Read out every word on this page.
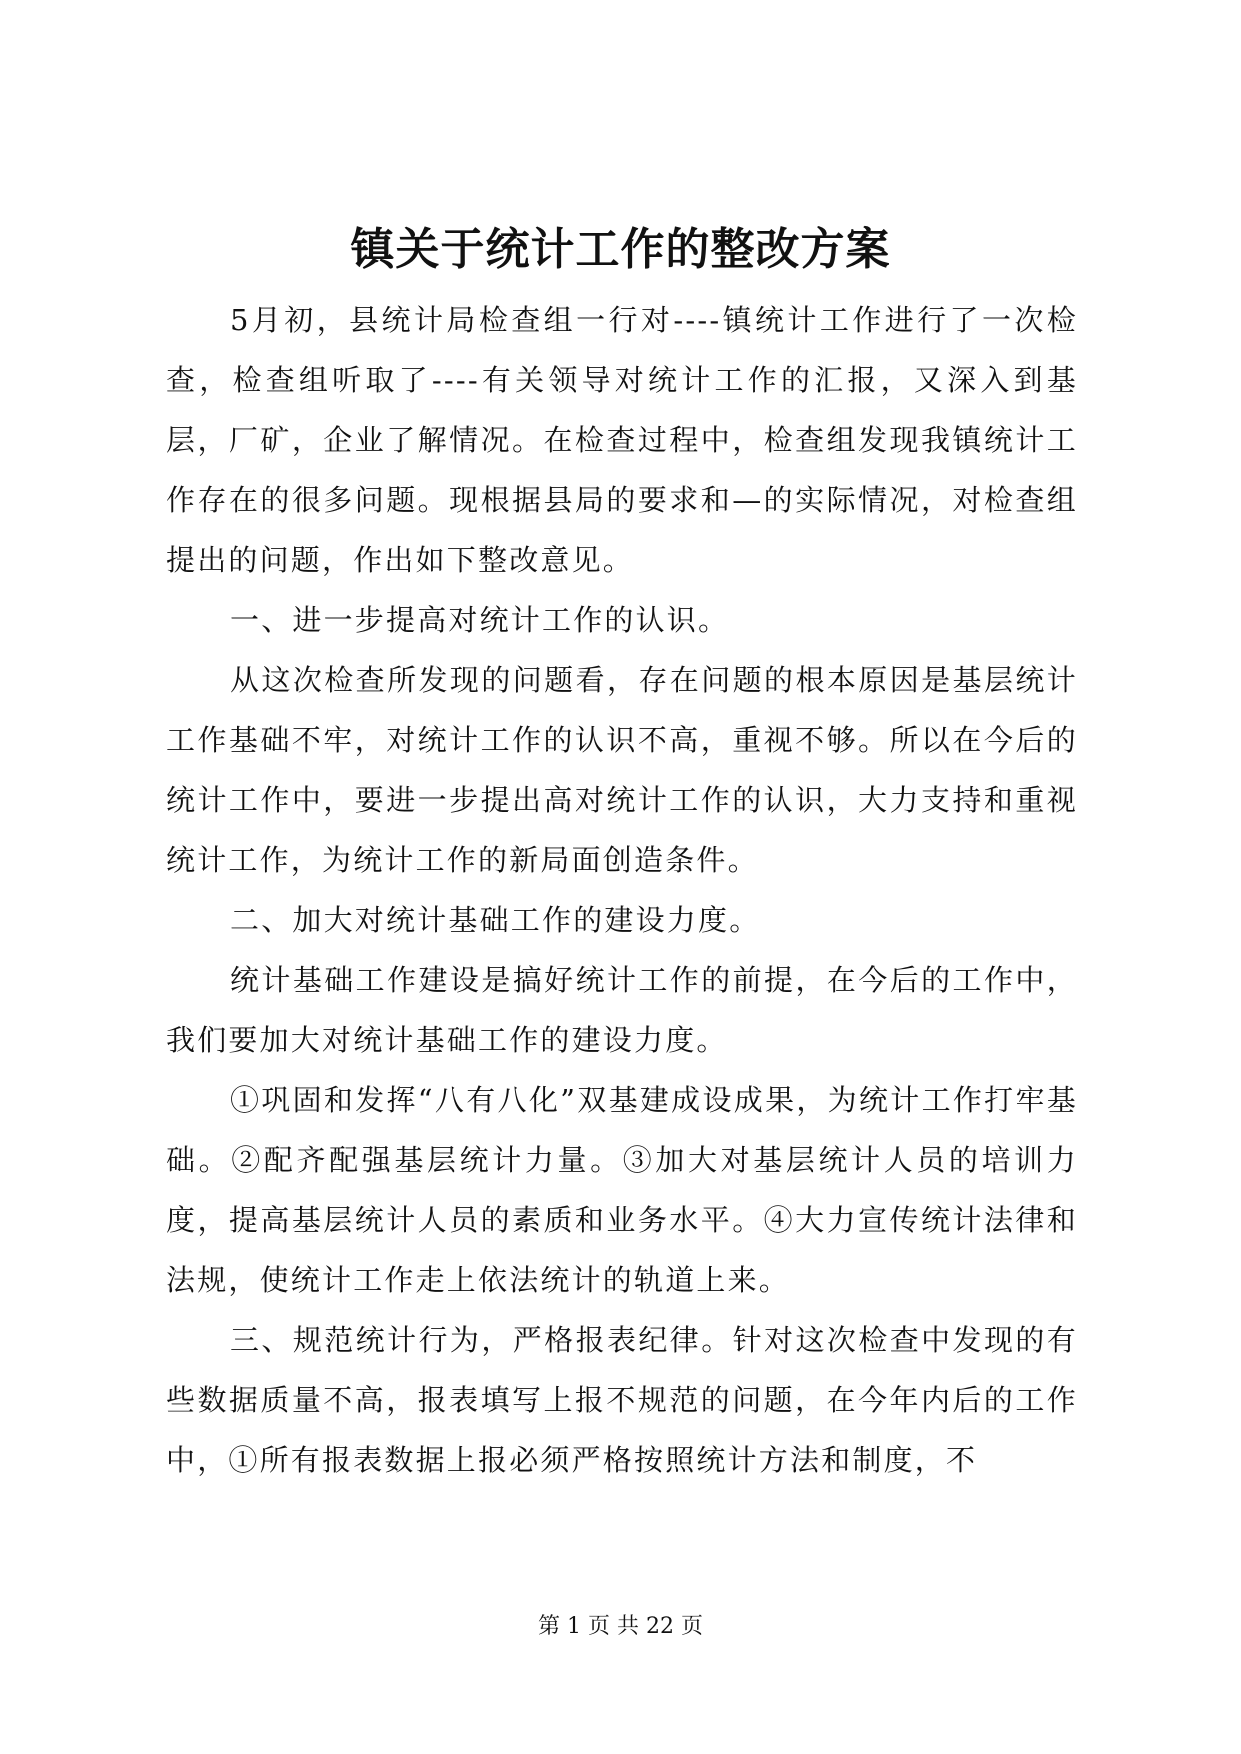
镇关于统计工作的整改方案

5月初，县统计局检查组一行对----镇统计工作进行了一次检查，检查组听取了----有关领导对统计工作的汇报，又深入到基层，厂矿，企业了解情况。在检查过程中，检查组发现我镇统计工作存在的很多问题。现根据县局的要求和—的实际情况，对检查组提出的问题，作出如下整改意见。

一、进一步提高对统计工作的认识。

从这次检查所发现的问题看，存在问题的根本原因是基层统计工作基础不牢，对统计工作的认识不高，重视不够。所以在今后的统计工作中，要进一步提出高对统计工作的认识，大力支持和重视统计工作，为统计工作的新局面创造条件。

二、加大对统计基础工作的建设力度。

统计基础工作建设是搞好统计工作的前提，在今后的工作中，我们要加大对统计基础工作的建设力度。

①巩固和发挥“八有八化”双基建成设成果，为统计工作打牢基础。②配齐配强基层统计力量。③加大对基层统计人员的培训力度，提高基层统计人员的素质和业务水平。④大力宣传统计法律和法规，使统计工作走上依法统计的轨道上来。

三、规范统计行为，严格报表纪律。针对这次检查中发现的有些数据质量不高，报表填写上报不规范的问题，在今年内后的工作中，①所有报表数据上报必须严格按照统计方法和制度，不

第 1 页 共 22 页
